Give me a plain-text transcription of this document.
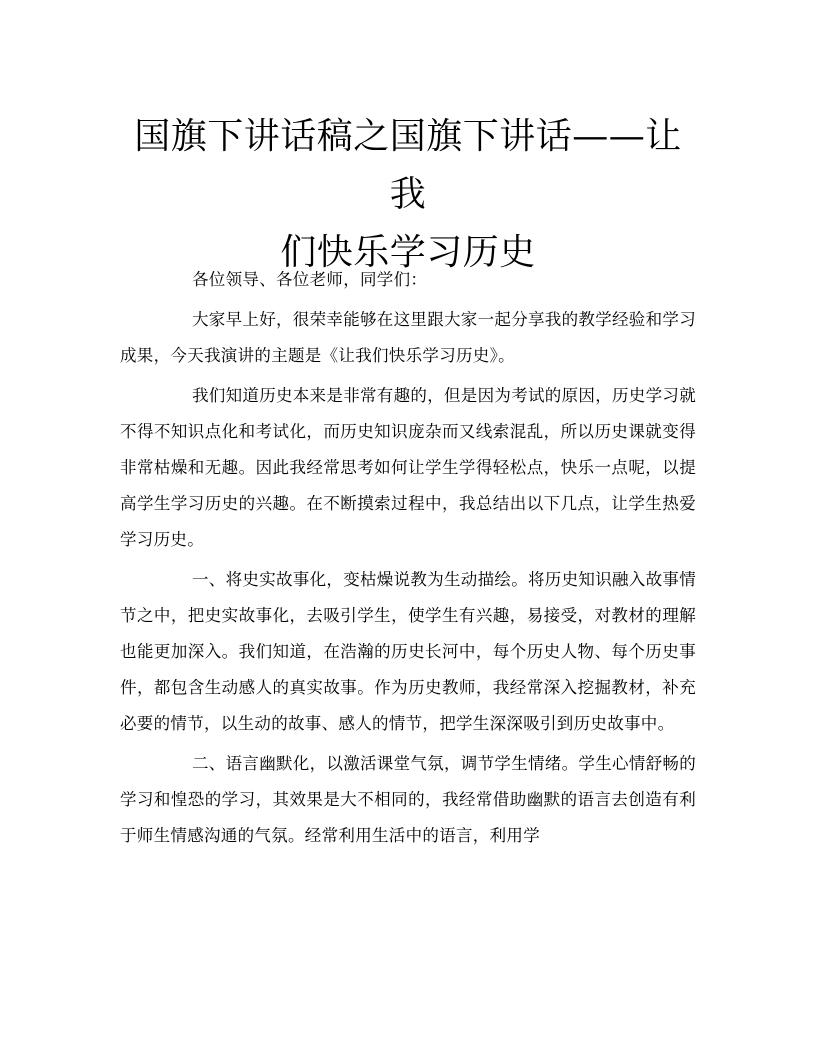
国旗下讲话稿之国旗下讲话——让我
们快乐学习历史

各位领导、各位老师，同学们：

大家早上好，很荣幸能够在这里跟大家一起分享我的教学经验和学习成果，今天我演讲的主题是《让我们快乐学习历史》。

我们知道历史本来是非常有趣的，但是因为考试的原因，历史学习就不得不知识点化和考试化，而历史知识庞杂而又线索混乱，所以历史课就变得非常枯燥和无趣。因此我经常思考如何让学生学得轻松点，快乐一点呢，以提高学生学习历史的兴趣。在不断摸索过程中，我总结出以下几点，让学生热爱学习历史。

一、将史实故事化，变枯燥说教为生动描绘。将历史知识融入故事情节之中，把史实故事化，去吸引学生，使学生有兴趣，易接受，对教材的理解也能更加深入。我们知道，在浩瀚的历史长河中，每个历史人物、每个历史事件，都包含生动感人的真实故事。作为历史教师，我经常深入挖掘教材，补充必要的情节，以生动的故事、感人的情节，把学生深深吸引到历史故事中。

二、语言幽默化，以激活课堂气氛，调节学生情绪。学生心情舒畅的学习和惶恐的学习，其效果是大不相同的，我经常借助幽默的语言去创造有利于师生情感沟通的气氛。经常利用生活中的语言，利用学
